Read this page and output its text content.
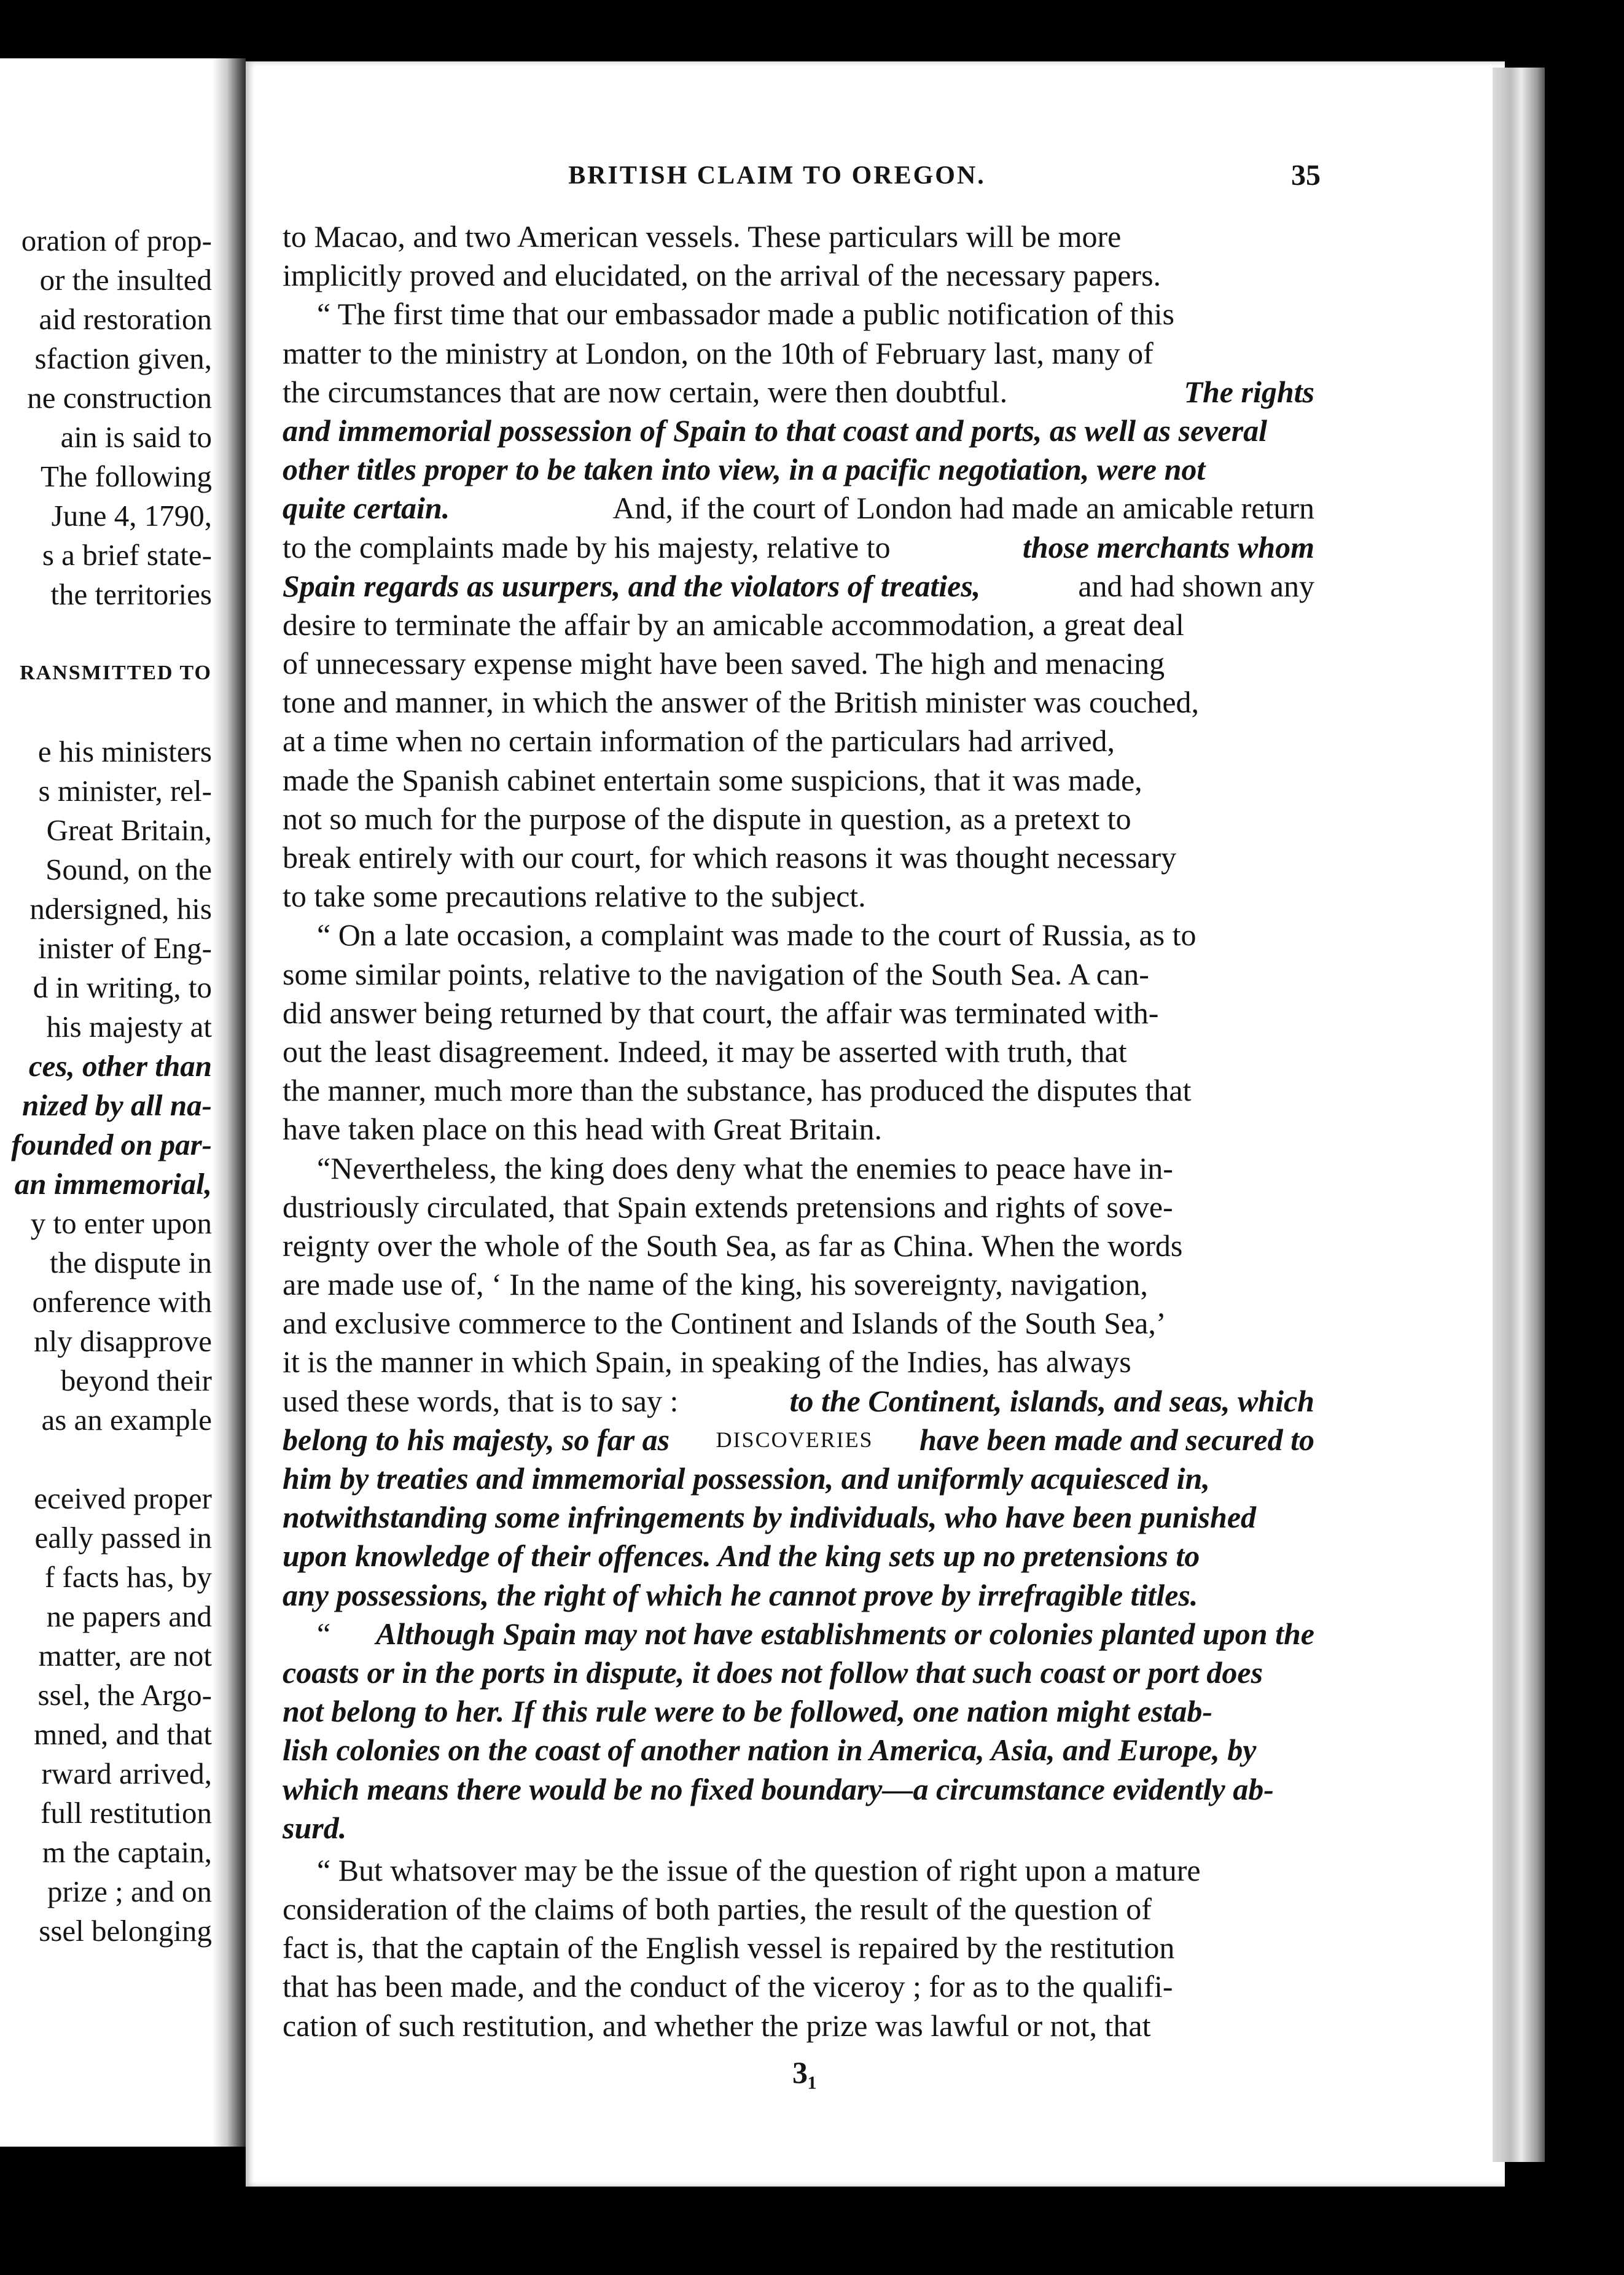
oration of prop-
or the insulted
aid restoration
sfaction given,
ne construction
ain is said to
The following
June 4, 1790,
s a brief state-
the territories
RANSMITTED TO
e his ministers
s minister, rel-
Great Britain,
Sound, on the
ndersigned, his
inister of Eng-
d in writing, to
his majesty at
ces, other than
nized by all na-
founded on par-
an immemorial,
y to enter upon
the dispute in
onference with
nly disapprove
beyond their
as an example
eceived proper
eally passed in
f facts has, by
ne papers and
matter, are not
ssel, the Argo-
mned, and that
rward arrived,
full restitution
m the captain,
prize ; and on
ssel belonging
BRITISH CLAIM TO OREGON.	35
to Macao, and two American vessels. These particulars will be more
implicitly proved and elucidated, on the arrival of the necessary papers.
“ The first time that our embassador made a public notification of this
matter to the ministry at London, on the 10th of February last, many of
the circumstances that are now certain, were then doubtful.	The rights
and immemorial possession of Spain to that coast and ports, as well as several
other titles proper to be taken into view, in a pacific negotiation, were not
quite certain.	And, if the court of London had made an amicable return
to the complaints made by his majesty, relative to	those merchants whom
Spain regards as usurpers, and the violators of treaties,	and had shown any
desire to terminate the affair by an amicable accommodation, a great deal
of unnecessary expense might have been saved. The high and menacing
tone and manner, in which the answer of the British minister was couched,
at a time when no certain information of the particulars had arrived,
made the Spanish cabinet entertain some suspicions, that it was made,
not so much for the purpose of the dispute in question, as a pretext to
break entirely with our court, for which reasons it was thought necessary
to take some precautions relative to the subject.
“ On a late occasion, a complaint was made to the court of Russia, as to
some similar points, relative to the navigation of the South Sea. A can-
did answer being returned by that court, the affair was terminated with-
out the least disagreement. Indeed, it may be asserted with truth, that
the manner, much more than the substance, has produced the disputes that
have taken place on this head with Great Britain.
“Nevertheless, the king does deny what the enemies to peace have in-
dustriously circulated, that Spain extends pretensions and rights of sove-
reignty over the whole of the South Sea, as far as China. When the words
are made use of, ‘ In the name of the king, his sovereignty, navigation,
and exclusive commerce to the Continent and Islands of the South Sea,’
it is the manner in which Spain, in speaking of the Indies, has always
used these words, that is to say :	to the Continent, islands, and seas, which
belong to his majesty, so far as DISCOVERIES have been made and secured to
him by treaties and immemorial possession, and uniformly acquiesced in,
notwithstanding some infringements by individuals, who have been punished
upon knowledge of their offences. And the king sets up no pretensions to
any possessions, the right of which he cannot prove by irrefragible titles.
“ Although Spain may not have establishments or colonies planted upon the
coasts or in the ports in dispute, it does not follow that such coast or port does
not belong to her. If this rule were to be followed, one nation might estab-
lish colonies on the coast of another nation in America, Asia, and Europe, by
which means there would be no fixed boundary—a circumstance evidently ab-
surd.
“ But whatsover may be the issue of the question of right upon a mature
consideration of the claims of both parties, the result of the question of
fact is, that the captain of the English vessel is repaired by the restitution
that has been made, and the conduct of the viceroy ; for as to the qualifi-
cation of such restitution, and whether the prize was lawful or not, that
3₁
